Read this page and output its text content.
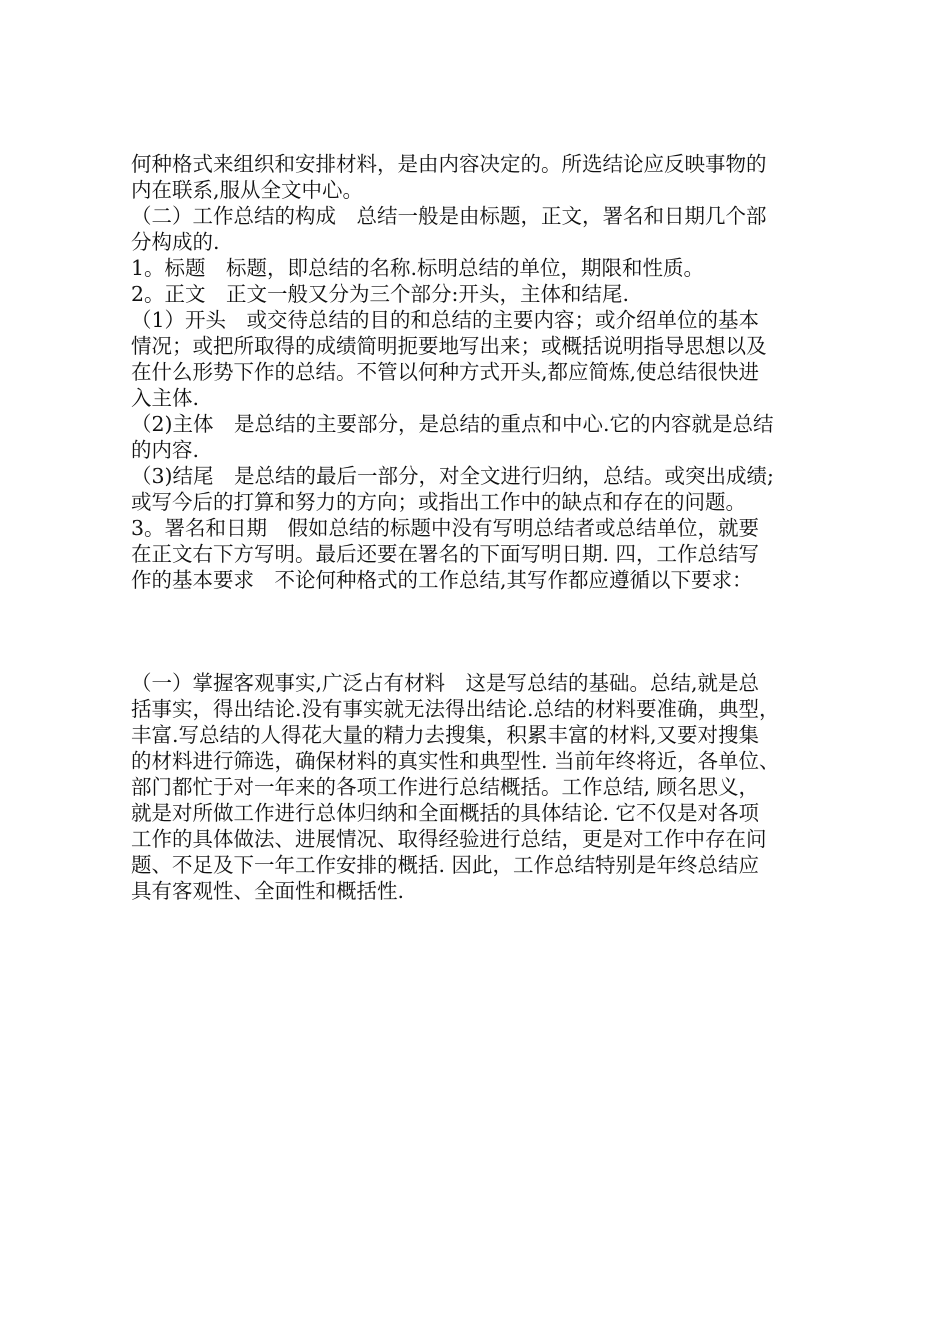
何种格式来组织和安排材料，是由内容决定的。所选结论应反映事物的
内在联系,服从全文中心。
（二）工作总结的构成　总结一般是由标题，正文，署名和日期几个部
分构成的.
1。标题　标题，即总结的名称.标明总结的单位，期限和性质。
2。正文　正文一般又分为三个部分:开头，主体和结尾.
（1）开头　或交待总结的目的和总结的主要内容；或介绍单位的基本
情况；或把所取得的成绩简明扼要地写出来；或概括说明指导思想以及
在什么形势下作的总结。不管以何种方式开头,都应简炼,使总结很快进
入主体.
（2)主体　是总结的主要部分，是总结的重点和中心.它的内容就是总结
的内容.
（3)结尾　是总结的最后一部分，对全文进行归纳，总结。或突出成绩;
或写今后的打算和努力的方向；或指出工作中的缺点和存在的问题。
3。署名和日期　假如总结的标题中没有写明总结者或总结单位，就要
在正文右下方写明。最后还要在署名的下面写明日期. 四，工作总结写
作的基本要求　不论何种格式的工作总结,其写作都应遵循以下要求：
（一）掌握客观事实,广泛占有材料　这是写总结的基础。总结,就是总
括事实，得出结论.没有事实就无法得出结论.总结的材料要准确，典型，
丰富.写总结的人得花大量的精力去搜集，积累丰富的材料,又要对搜集
的材料进行筛选，确保材料的真实性和典型性. 当前年终将近，各单位、
部门都忙于对一年来的各项工作进行总结概括。工作总结, 顾名思义，
就是对所做工作进行总体归纳和全面概括的具体结论. 它不仅是对各项
工作的具体做法、进展情况、取得经验进行总结，更是对工作中存在问
题、不足及下一年工作安排的概括. 因此，工作总结特别是年终总结应
具有客观性、全面性和概括性.
